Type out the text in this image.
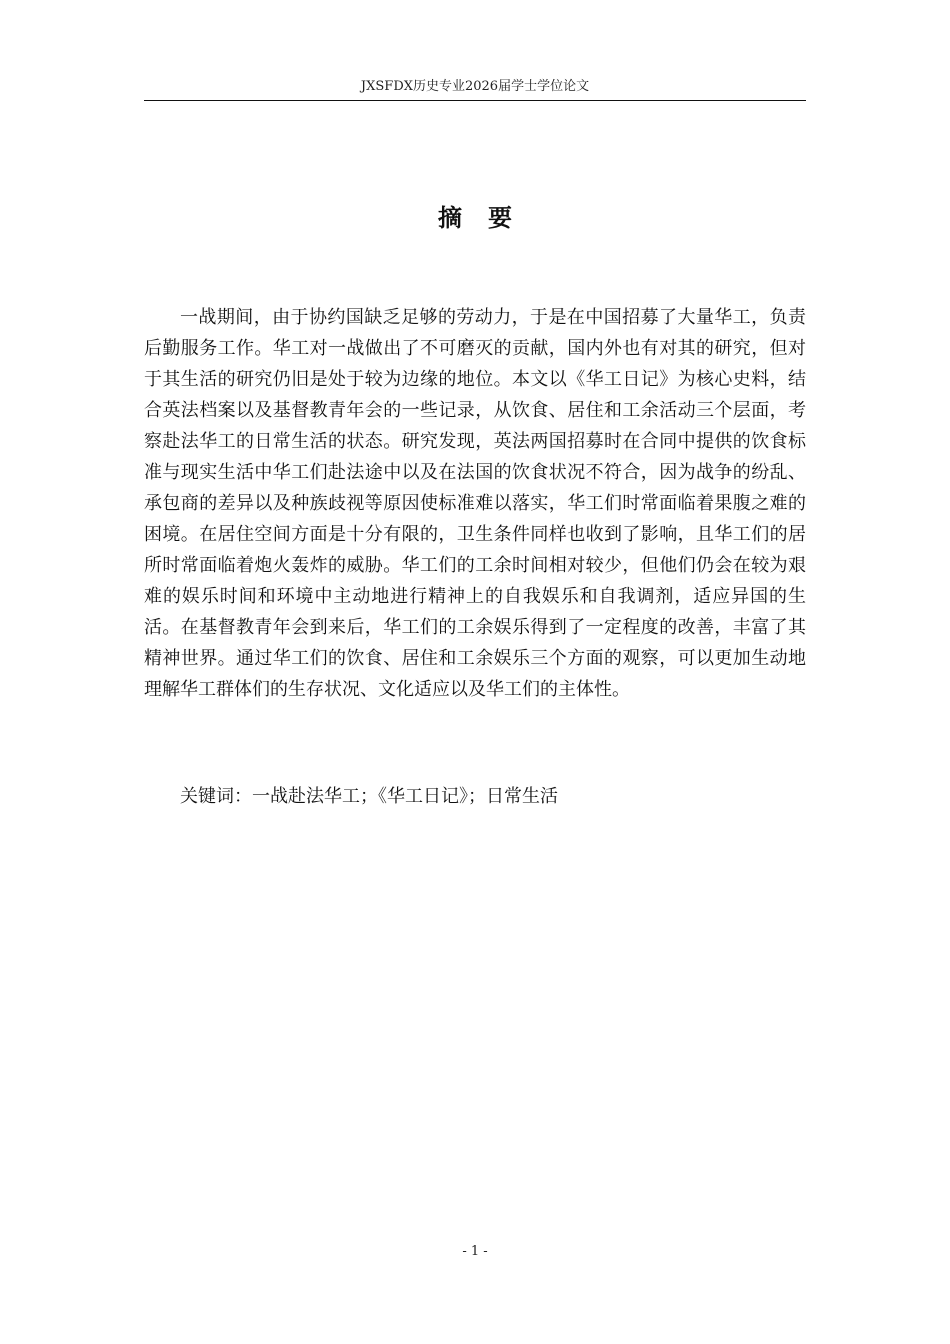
JXSFDX历史专业2026届学士学位论文
摘要

一战期间，由于协约国缺乏足够的劳动力，于是在中国招募了大量华工，负责后勤服务工作。华工对一战做出了不可磨灭的贡献，国内外也有对其的研究，但对于其生活的研究仍旧是处于较为边缘的地位。本文以《华工日记》为核心史料，结合英法档案以及基督教青年会的一些记录，从饮食、居住和工余活动三个层面，考察赴法华工的日常生活的状态。研究发现，英法两国招募时在合同中提供的饮食标准与现实生活中华工们赴法途中以及在法国的饮食状况不符合，因为战争的纷乱、承包商的差异以及种族歧视等原因使标准难以落实，华工们时常面临着果腹之难的困境。在居住空间方面是十分有限的，卫生条件同样也收到了影响，且华工们的居所时常面临着炮火轰炸的威胁。华工们的工余时间相对较少，但他们仍会在较为艰难的娱乐时间和环境中主动地进行精神上的自我娱乐和自我调剂，适应异国的生活。在基督教青年会到来后，华工们的工余娱乐得到了一定程度的改善，丰富了其精神世界。通过华工们的饮食、居住和工余娱乐三个方面的观察，可以更加生动地理解华工群体们的生存状况、文化适应以及华工们的主体性。

关键词：一战赴法华工；《华工日记》；日常生活
- 1 -
